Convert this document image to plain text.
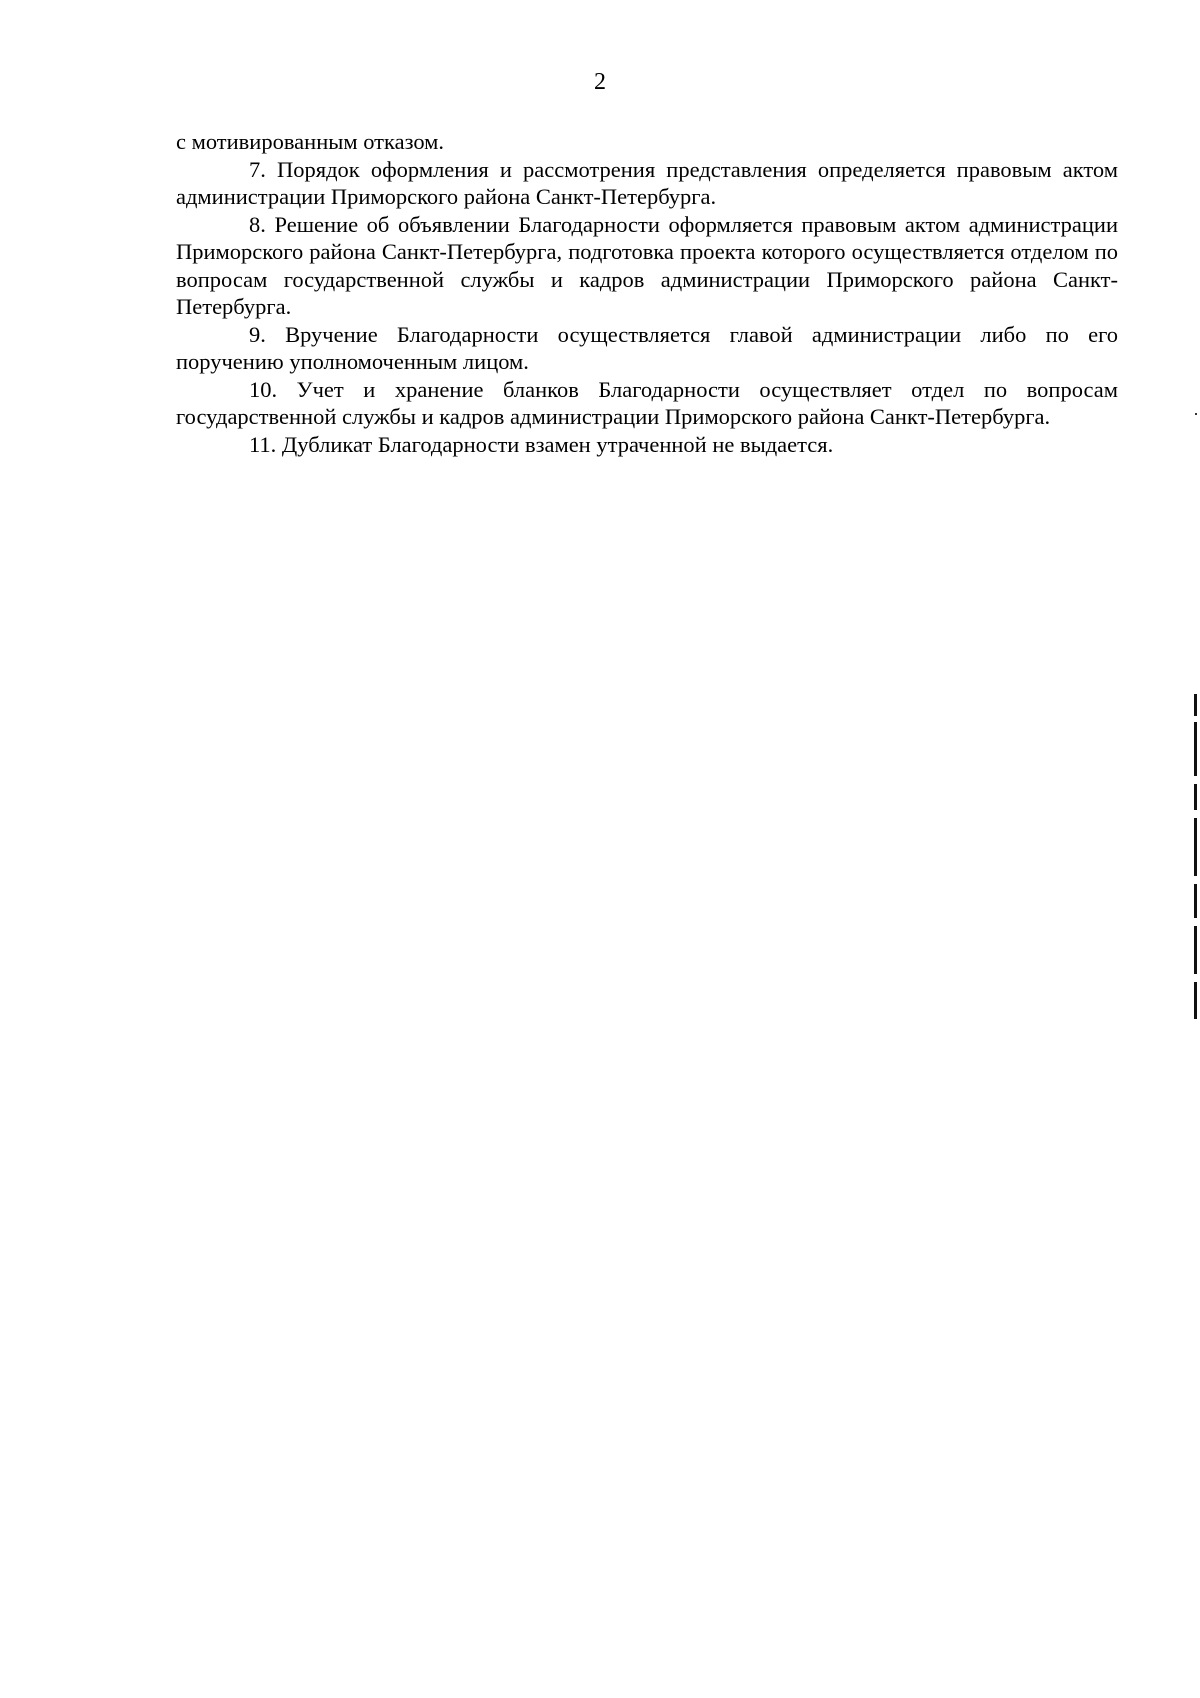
2

с мотивированным отказом.

7. Порядок оформления и рассмотрения представления определяется правовым актом администрации Приморского района Санкт-Петербурга.

8. Решение об объявлении Благодарности оформляется правовым актом администрации Приморского района Санкт-Петербурга, подготовка проекта которого осуществляется отделом по вопросам государственной службы и кадров администрации Приморского района Санкт-Петербурга.

9. Вручение Благодарности осуществляется главой администрации либо по его поручению уполномоченным лицом.

10. Учет и хранение бланков Благодарности осуществляет отдел по вопросам государственной службы и кадров администрации Приморского района Санкт-Петербурга.

11. Дубликат Благодарности взамен утраченной не выдается.
